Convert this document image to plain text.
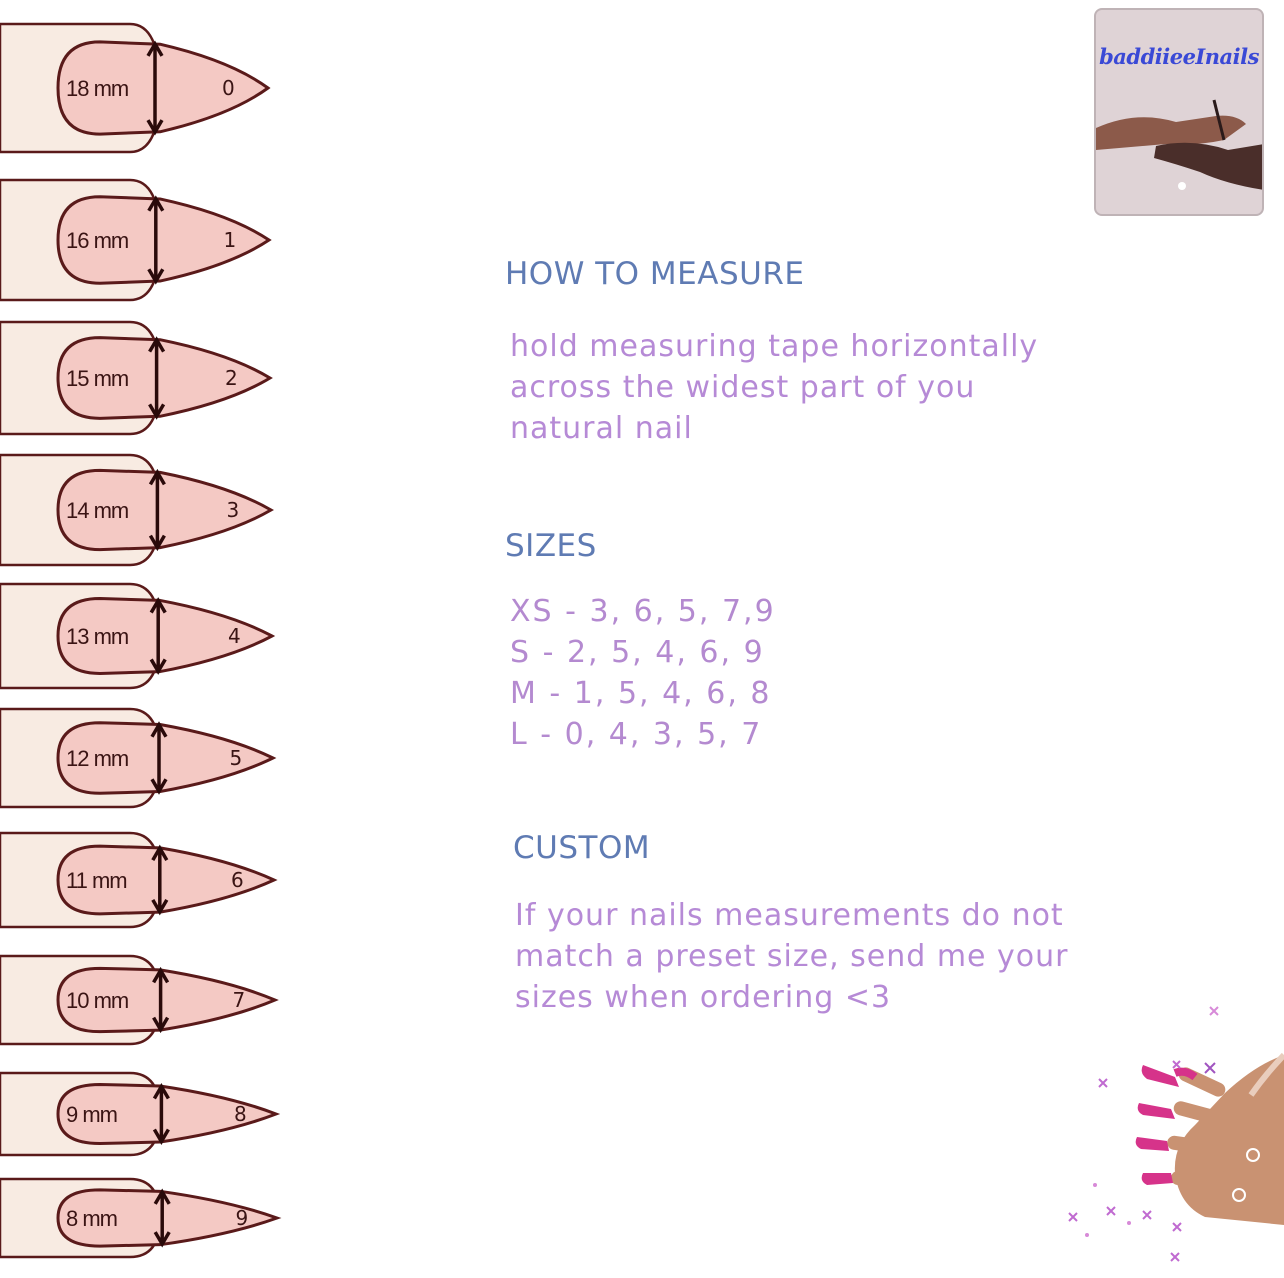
18 mm	0
16 mm	1
15 mm	2
14 mm	3
13 mm	4
12 mm	5
11 mm	6
10 mm	7
9 mm	8
8 mm	9
baddiieeInails
HOW TO MEASURE
hold measuring tape horizontally
across the widest part of you
natural nail
SIZES
XS - 3, 6, 5, 7,9
S - 2, 5, 4, 6, 9
M - 1, 5, 4, 6, 8
L - 0, 4, 3, 5, 7
CUSTOM
If your nails measurements do not
match a preset size, send me your
sizes when ordering <3
